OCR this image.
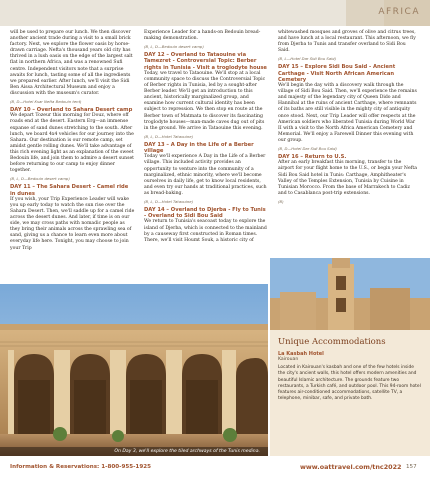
AFRICA
will be used to prepare our lunch. We then discover another ancient trade during a visit to a small brick factory. Next, we explore the flower oasis by horse-drawn carriage. Nefta's thousand years old city has thrived in a lush oasis on the edge of the largest salt flat in northern Africa, and was a renowned Sufi centre. Independent visitors note that a surprise awaits for lunch, tasting some of all the ingredients we prepared earlier. After lunch, we'll visit the Sidi Ben Aissa Architectural Museum and enjoy a discussion with the museum's curator.
(B, D—Hotel Ksar Nefta Bedouin tent)
DAY 10 – Overland to Sahara Desert camp
We depart Tozeur this morning for Douz, where off roads end at the desert. Eastern Erg—an immense expanse of sand dunes stretching to the south. After lunch, we board 4x4 vehicles for our journey into the Sahara. Our destination is our remote camp, set amidst gentle rolling dunes. We'll take advantage of this rich evening light as an explanation of the sweet Bedouin life, and join them to admire a desert sunset before returning to our camp to enjoy dinner together.
(B, L, D—Bedouin desert camp)
DAY 11 – The Sahara Desert - Camel ride in dunes
If you wish, your Trip Experience Leader will wake you up early today to watch the sun rise over the Sahara Desert. Then, we'll saddle up for a camel ride across the desert dunes. And later, if time is on our side, we may cross paths with nomadic people as they bring their animals across the sprawling sea of sand, giving us a chance to learn even more about everyday life here. Tonight, you may choose to join your Trip
Experience Leader for a hands-on Bedouin bread-making demonstration.
(B, L, D—Bedouin desert camp)
DAY 12 – Overland to Tataouine via Tamezret - Controversial Topic: Berber rights in Tunisia - Visit a troglodyte house
Today, we travel to Tataouine. We'll stop at a local community space to discuss the Controversial Topic of Berber rights in Tunisia, led by a sought-after Berber leader. We'll get an introduction to this ancient, historically marginalized group, and examine how current cultural identity has been subject to repression. We then stop en route at the Berber town of Matmata to discover its fascinating troglodyte houses—man-made caves dug out of pits in the ground. We arrive in Tataouine this evening.
(B, L, D—Hotel Tataouine)
DAY 13 – A Day in the Life of a Berber village
Today we'll experience A Day in the Life of a Berber village. This included activity provides an opportunity to venture into the community of a marginalized, ethnic minority, where we'll become ourselves in daily life, get to know local residents, and even try our hands at traditional practices, such as bread-baking.
(B, L, D—Hotel Tataouine)
DAY 14 – Overland to Djerba - Fly to Tunis - Overland to Sidi Bou Said
We return to Tunisia's seacoast today to explore the island of Djerba, which is connected to the mainland by a causeway first constructed in Roman times. There, we'll visit Houmt Souk, a historic city of
whitewashed mosques and groves of olive and citrus trees, and have lunch at a local restaurant. This afternoon, we fly from Djerba to Tunis and transfer overland to Sidi Bou Said.
(B, L—Hotel Dar Sidi Bou Said)
DAY 15 – Explore Sidi Bou Said - Ancient Carthage - Visit North African American Cemetery
We'll begin the day with a discovery walk through the village of Sidi Bou Said. Then, we'll experience the remains and majesty of the legendary city of Queen Dido and Hannibal at the ruins of ancient Carthage, where remnants of its baths are still visible in the mighty city of antiquity once stood. Next, our Trip Leader will offer respects at the American soldiers who liberated Tunisia during World War II with a visit to the North Africa American Cemetery and Memorial. We'll enjoy a Farewell Dinner this evening with our group.
(B, D—Hotel Dar Sidi Bou Said)
DAY 16 – Return to U.S.
After an early breakfast this morning, transfer to the airport for your flight home to the U.S., or begin your Nefta Sidi Bou Said hotel in Tunis: Carthage, Amphitheater's Valley of the Temples Extension, Tunisia by Cuisine in Tunisian Morocco. From the base of Marrakech to Cadiz and to Casablanca post-trip extensions.
(B)
On Day 3, we'll explore the tiled archways of the Tunis medina.
Unique Accommodations
La Kasbah Hotel
Kairouan
Located in Kairouan's kasbah and one of the few hotels inside the city's ancient walls, this hotel offers modern amenities and beautiful Islamic architecture. The grounds feature two restaurants, a Turkish café, and outdoor pool. This 94-room hotel features air-conditioned accommodations, satellite TV, a telephone, minibar, safe, and private bath.
Information & Reservations: 1-800-955-1925	www.oattravel.com/tnc2022 157
